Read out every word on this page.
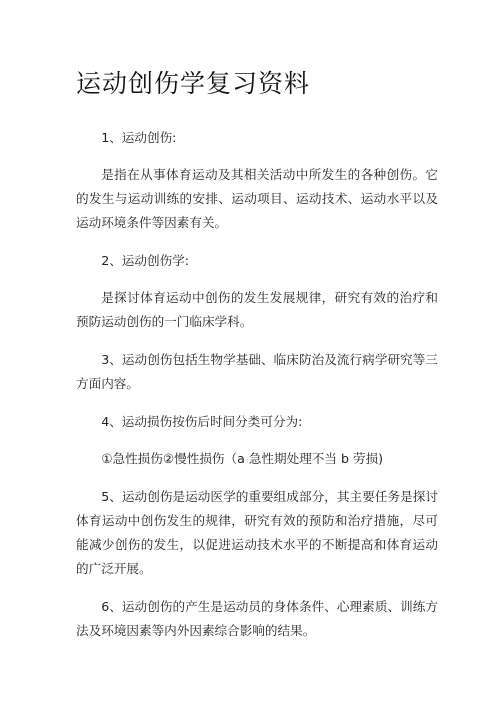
运动创伤学复习资料

1、运动创伤:

是指在从事体育运动及其相关活动中所发生的各种创伤。它的发生与运动训练的安排、运动项目、运动技术、运动水平以及运动环境条件等因素有关。

2、运动创伤学:

是探讨体育运动中创伤的发生发展规律，研究有效的治疗和预防运动创伤的一门临床学科。

3、运动创伤包括生物学基础、临床防治及流行病学研究等三方面内容。

4、运动损伤按伤后时间分类可分为:

①急性损伤②慢性损伤（a 急性期处理不当 b 劳损)

5、运动创伤是运动医学的重要组成部分，其主要任务是探讨体育运动中创伤发生的规律，研究有效的预防和治疗措施，尽可能减少创伤的发生，以促进运动技术水平的不断提高和体育运动的广泛开展。

6、运动创伤的产生是运动员的身体条件、心理素质、训练方法及环境因素等内外因素综合影响的结果。
